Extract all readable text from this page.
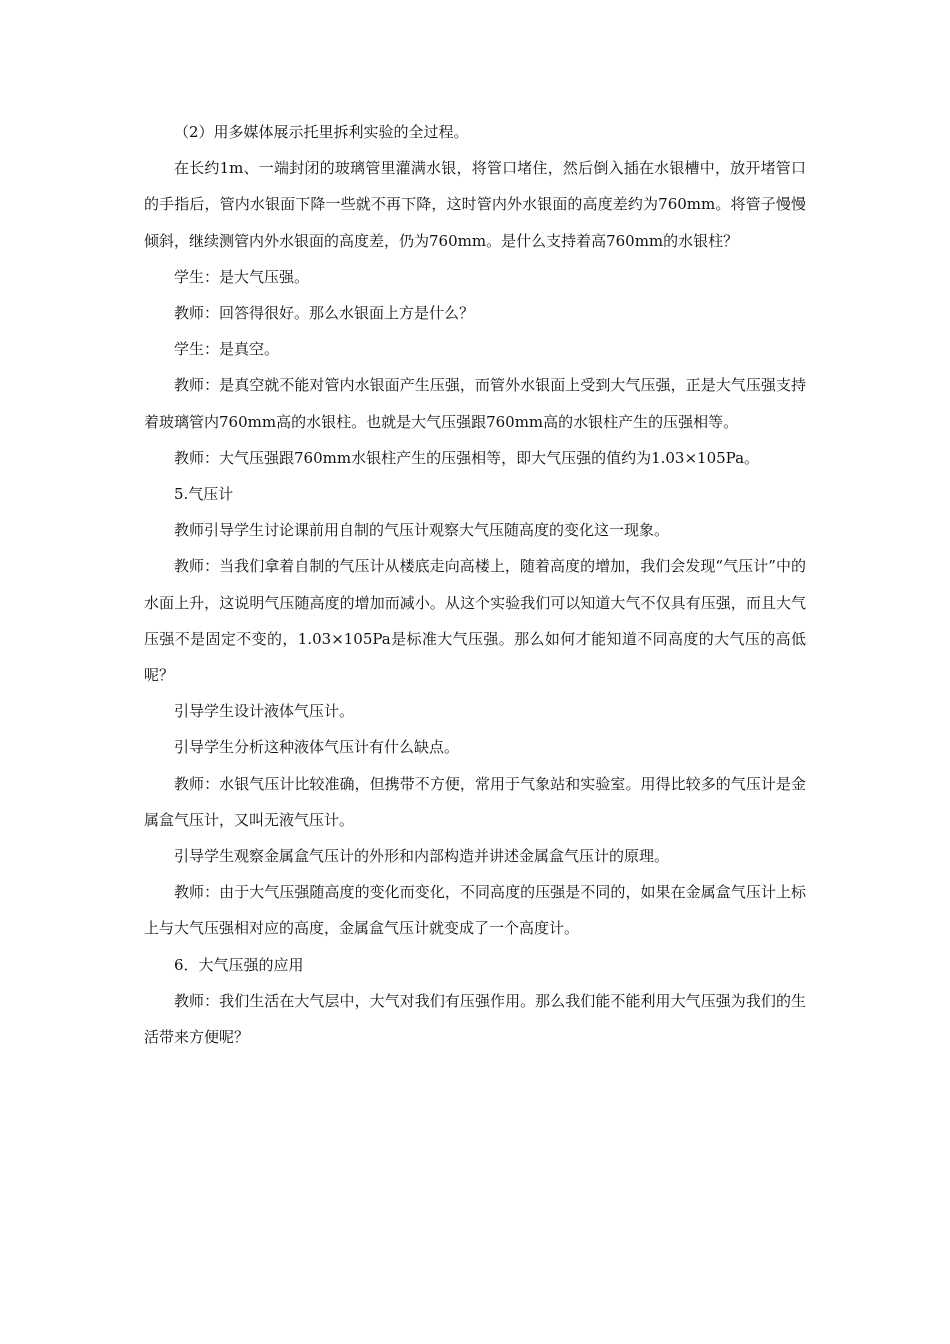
（2）用多媒体展示托里拆利实验的全过程。

在长约1m、一端封闭的玻璃管里灌满水银，将管口堵住，然后倒入插在水银槽中，放开堵管口的手指后，管内水银面下降一些就不再下降，这时管内外水银面的高度差约为760mm。将管子慢慢倾斜，继续测管内外水银面的高度差，仍为760mm。是什么支持着高760mm的水银柱？

学生：是大气压强。

教师：回答得很好。那么水银面上方是什么？

学生：是真空。

教师：是真空就不能对管内水银面产生压强，而管外水银面上受到大气压强，正是大气压强支持着玻璃管内760mm高的水银柱。也就是大气压强跟760mm高的水银柱产生的压强相等。

教师：大气压强跟760mm水银柱产生的压强相等，即大气压强的值约为1.03×105Pa。

5.气压计

教师引导学生讨论课前用自制的气压计观察大气压随高度的变化这一现象。

教师：当我们拿着自制的气压计从楼底走向高楼上，随着高度的增加，我们会发现“气压计”中的水面上升，这说明气压随高度的增加而减小。从这个实验我们可以知道大气不仅具有压强，而且大气压强不是固定不变的，1.03×105Pa是标准大气压强。那么如何才能知道不同高度的大气压的高低呢？

引导学生设计液体气压计。

引导学生分析这种液体气压计有什么缺点。

教师：水银气压计比较准确，但携带不方便，常用于气象站和实验室。用得比较多的气压计是金属盒气压计，又叫无液气压计。

引导学生观察金属盒气压计的外形和内部构造并讲述金属盒气压计的原理。

教师：由于大气压强随高度的变化而变化，不同高度的压强是不同的，如果在金属盒气压计上标上与大气压强相对应的高度，金属盒气压计就变成了一个高度计。

6．大气压强的应用

教师：我们生活在大气层中，大气对我们有压强作用。那么我们能不能利用大气压强为我们的生活带来方便呢？
